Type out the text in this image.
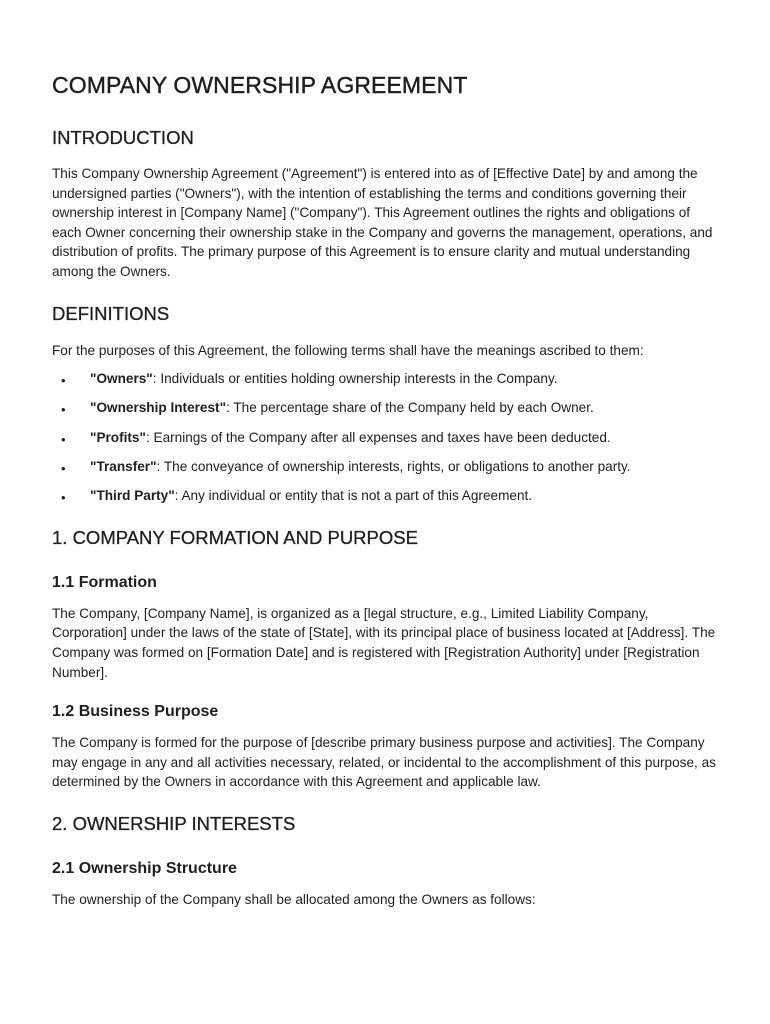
COMPANY OWNERSHIP AGREEMENT
INTRODUCTION

This Company Ownership Agreement ("Agreement") is entered into as of [Effective Date] by and among the undersigned parties ("Owners"), with the intention of establishing the terms and conditions governing their ownership interest in [Company Name] ("Company"). This Agreement outlines the rights and obligations of each Owner concerning their ownership stake in the Company and governs the management, operations, and distribution of profits. The primary purpose of this Agreement is to ensure clarity and mutual understanding among the Owners.

DEFINITIONS

For the purposes of this Agreement, the following terms shall have the meanings ascribed to them:

• "Owners": Individuals or entities holding ownership interests in the Company.
• "Ownership Interest": The percentage share of the Company held by each Owner.
• "Profits": Earnings of the Company after all expenses and taxes have been deducted.
• "Transfer": The conveyance of ownership interests, rights, or obligations to another party.
• "Third Party": Any individual or entity that is not a part of this Agreement.
1. COMPANY FORMATION AND PURPOSE
1.1 Formation

The Company, [Company Name], is organized as a [legal structure, e.g., Limited Liability Company, Corporation] under the laws of the state of [State], with its principal place of business located at [Address]. The Company was formed on [Formation Date] and is registered with [Registration Authority] under [Registration Number].

1.2 Business Purpose

The Company is formed for the purpose of [describe primary business purpose and activities]. The Company may engage in any and all activities necessary, related, or incidental to the accomplishment of this purpose, as determined by the Owners in accordance with this Agreement and applicable law.

2. OWNERSHIP INTERESTS
2.1 Ownership Structure

The ownership of the Company shall be allocated among the Owners as follows:
